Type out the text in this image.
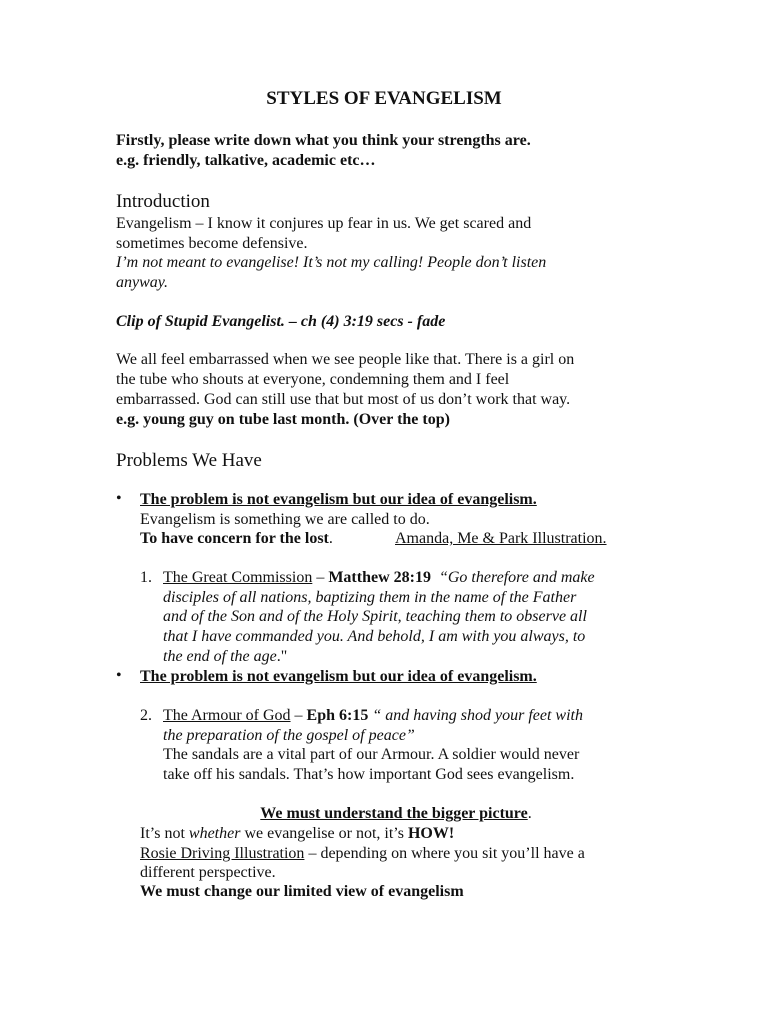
STYLES OF EVANGELISM
Firstly, please write down what you think your strengths are.
e.g. friendly, talkative, academic etc…
Introduction
Evangelism – I know it conjures up fear in us. We get scared and
sometimes become defensive.
I’m not meant to evangelise! It’s not my calling! People don’t listen
anyway.
Clip of Stupid Evangelist. – ch (4) 3:19 secs - fade
We all feel embarrassed when we see people like that. There is a girl on
the tube who shouts at everyone, condemning them and I feel
embarrassed. God can still use that but most of us don’t work that way.
e.g. young guy on tube last month. (Over the top)
Problems We Have
• The problem is not evangelism but our idea of evangelism.
Evangelism is something we are called to do.
To have concern for the lost.	Amanda, Me & Park Illustration.
1. The Great Commission – Matthew 28:19 “Go therefore and make
disciples of all nations, baptizing them in the name of the Father
and of the Son and of the Holy Spirit, teaching them to observe all
that I have commanded you. And behold, I am with you always, to
the end of the age."
• The problem is not evangelism but our idea of evangelism.
2. The Armour of God – Eph 6:15 “ and having shod your feet with
the preparation of the gospel of peace”
The sandals are a vital part of our Armour. A soldier would never
take off his sandals. That’s how important God sees evangelism.
We must understand the bigger picture.
It’s not whether we evangelise or not, it’s HOW!
Rosie Driving Illustration – depending on where you sit you’ll have a
different perspective.
We must change our limited view of evangelism
